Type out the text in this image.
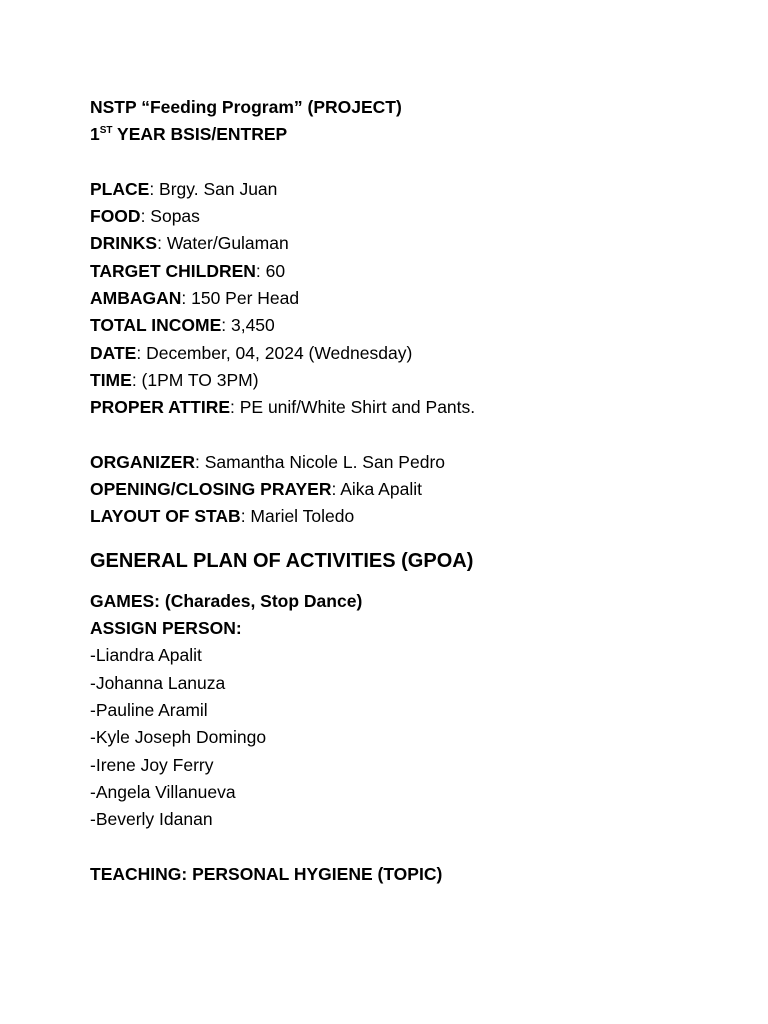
NSTP “Feeding Program” (PROJECT)
1ST YEAR BSIS/ENTREP
PLACE: Brgy. San Juan
FOOD: Sopas
DRINKS: Water/Gulaman
TARGET CHILDREN: 60
AMBAGAN: 150 Per Head
TOTAL INCOME: 3,450
DATE: December, 04, 2024 (Wednesday)
TIME: (1PM TO 3PM)
PROPER ATTIRE: PE unif/White Shirt and Pants.
ORGANIZER: Samantha Nicole L. San Pedro
OPENING/CLOSING PRAYER: Aika Apalit
LAYOUT OF STAB: Mariel Toledo
GENERAL PLAN OF ACTIVITIES (GPOA)
GAMES: (Charades, Stop Dance)
ASSIGN PERSON:
-Liandra Apalit
-Johanna Lanuza
-Pauline Aramil
-Kyle Joseph Domingo
-Irene Joy Ferry
-Angela Villanueva
-Beverly Idanan
TEACHING: PERSONAL HYGIENE (TOPIC)
